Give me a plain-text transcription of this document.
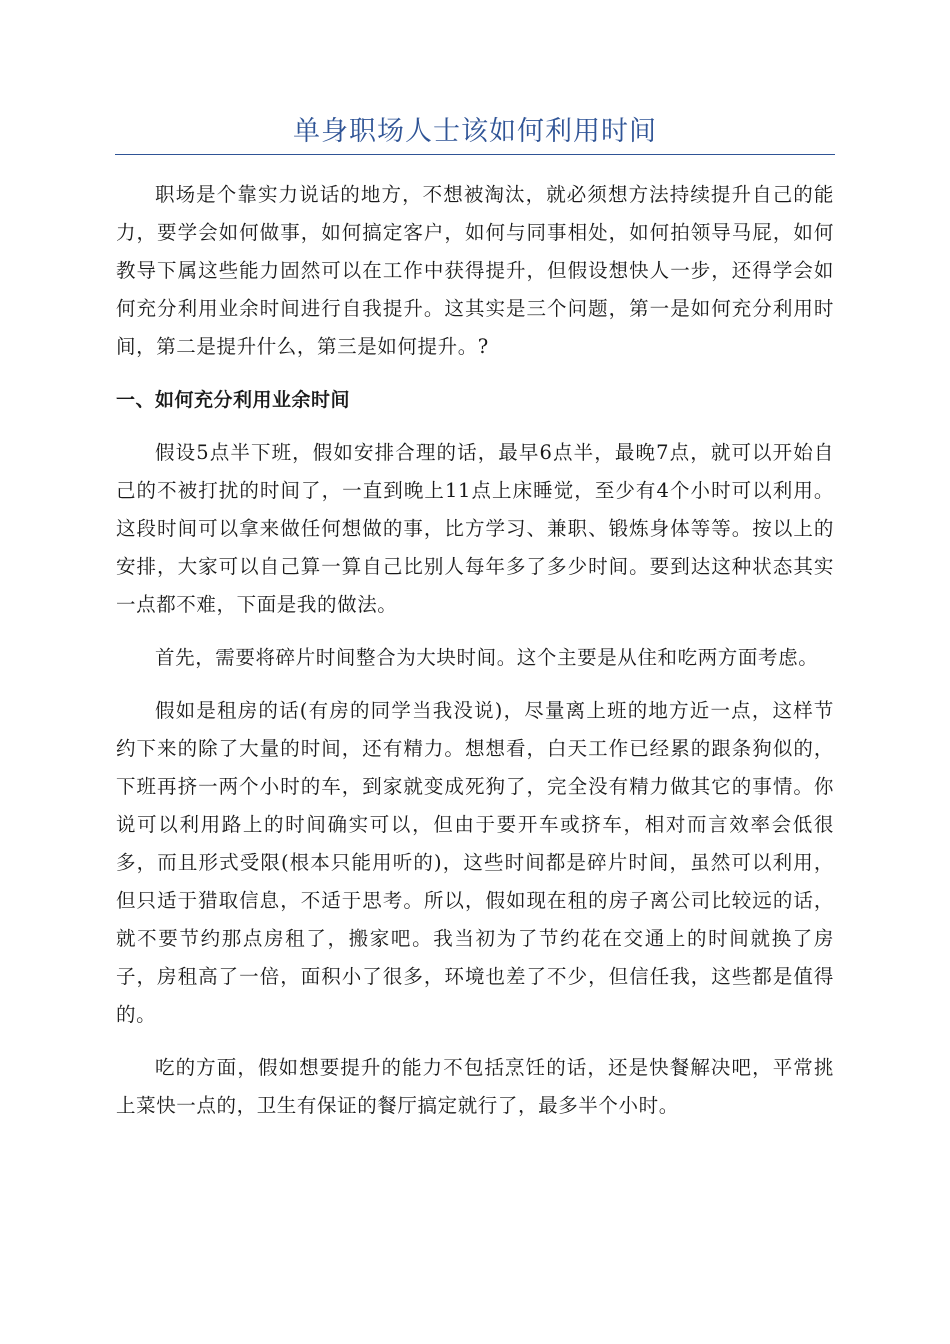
单身职场人士该如何利用时间

职场是个靠实力说话的地方，不想被淘汰，就必须想方法持续提升自己的能力，要学会如何做事，如何搞定客户，如何与同事相处，如何拍领导马屁，如何教导下属这些能力固然可以在工作中获得提升，但假设想快人一步，还得学会如何充分利用业余时间进行自我提升。这其实是三个问题，第一是如何充分利用时间，第二是提升什么，第三是如何提升。?

一、如何充分利用业余时间

假设5点半下班，假如安排合理的话，最早6点半，最晚7点，就可以开始自己的不被打扰的时间了，一直到晚上11点上床睡觉，至少有4个小时可以利用。这段时间可以拿来做任何想做的事，比方学习、兼职、锻炼身体等等。按以上的安排，大家可以自己算一算自己比别人每年多了多少时间。要到达这种状态其实一点都不难，下面是我的做法。

首先，需要将碎片时间整合为大块时间。这个主要是从住和吃两方面考虑。

假如是租房的话(有房的同学当我没说)，尽量离上班的地方近一点，这样节约下来的除了大量的时间，还有精力。想想看，白天工作已经累的跟条狗似的，下班再挤一两个小时的车，到家就变成死狗了，完全没有精力做其它的事情。你说可以利用路上的时间确实可以，但由于要开车或挤车，相对而言效率会低很多，而且形式受限(根本只能用听的)，这些时间都是碎片时间，虽然可以利用，但只适于猎取信息，不适于思考。所以，假如现在租的房子离公司比较远的话，就不要节约那点房租了，搬家吧。我当初为了节约花在交通上的时间就换了房子，房租高了一倍，面积小了很多，环境也差了不少，但信任我，这些都是值得的。

吃的方面，假如想要提升的能力不包括烹饪的话，还是快餐解决吧，平常挑上菜快一点的，卫生有保证的餐厅搞定就行了，最多半个小时。
